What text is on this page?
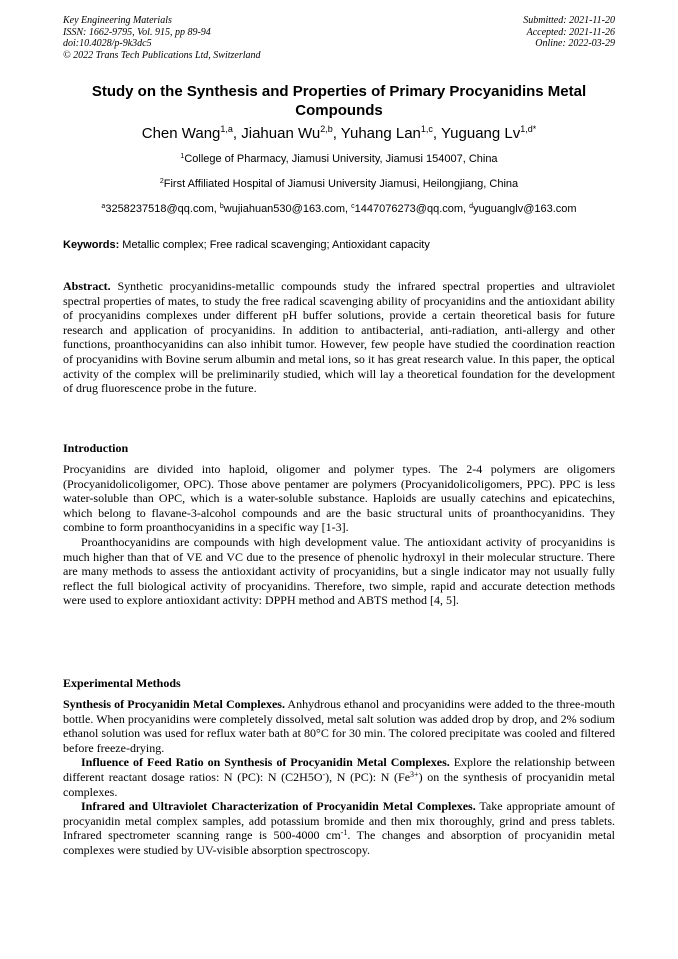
Key Engineering Materials
ISSN: 1662-9795, Vol. 915, pp 89-94
doi:10.4028/p-9k3dc5
© 2022 Trans Tech Publications Ltd, Switzerland
Submitted: 2021-11-20
Accepted: 2021-11-26
Online: 2022-03-29
Study on the Synthesis and Properties of Primary Procyanidins Metal Compounds
Chen Wang$^{1,a}$, Jiahuan Wu$^{2,b}$, Yuhang Lan$^{1,c}$, Yuguang $Lv^{1,d*}$
$^1$College of Pharmacy, Jiamusi University, Jiamusi 154007, China
$^2$First Affiliated Hospital of Jiamusi University Jiamusi, Heilongjiang, China
$^a$3258237518@qq.com, $^b$wujiahuan530@163.com, $^c$1447076273@qq.com, $^d$yuguanglv@163.com
Keywords: Metallic complex; Free radical scavenging; Antioxidant capacity

Abstract. Synthetic procyanidins-metallic compounds study the infrared spectral properties and ultraviolet spectral properties of mates, to study the free radical scavenging ability of procyanidins and the antioxidant ability of procyanidins complexes under different pH buffer solutions, provide a certain theoretical basis for future research and application of procyanidins. In addition to antibacterial, anti-radiation, anti-allergy and other functions, proanthocyanidins can also inhibit tumor. However, few people have studied the coordination reaction of procyanidins with Bovine serum albumin and metal ions, so it has great research value. In this paper, the optical activity of the complex will be preliminarily studied, which will lay a theoretical foundation for the development of drug fluorescence probe in the future.

Introduction

Procyanidins are divided into haploid, oligomer and polymer types. The 2-4 polymers are oligomers (Procyanidolicoligomer, OPC). Those above pentamer are polymers (Procyanidolicoligomers, PPC). PPC is less water-soluble than OPC, which is a water-soluble substance. Haploids are usually catechins and epicatechins, which belong to flavane-3-alcohol compounds and are the basic structural units of proanthocyanidins. They combine to form proanthocyanidins in a specific way [1-3].

Proanthocyanidins are compounds with high development value. The antioxidant activity of procyanidins is much higher than that of VE and VC due to the presence of phenolic hydroxyl in their molecular structure. There are many methods to assess the antioxidant activity of procyanidins, but a single indicator may not usually fully reflect the full biological activity of procyanidins. Therefore, two simple, rapid and accurate detection methods were used to explore antioxidant activity: DPPH method and ABTS method [4, 5].

Experimental Methods

Synthesis of Procyanidin Metal Complexes. Anhydrous ethanol and procyanidins were added to the three-mouth bottle. When procyanidins were completely dissolved, metal salt solution was added drop by drop, and 2% sodium ethanol solution was used for reflux water bath at 80°C for 30 min. The colored precipitate was cooled and filtered before freeze-drying.

Influence of Feed Ratio on Synthesis of Procyanidin Metal Complexes. Explore the relationship between different reactant dosage ratios: N (PC): N (C2H5O-), N (PC): N $(Fe^{3+})$ on the synthesis of procyanidin metal complexes.

Infrared and Ultraviolet Characterization of Procyanidin Metal Complexes. Take appropriate amount of procyanidin metal complex samples, add potassium bromide and then mix thoroughly, grind and press tablets. Infrared spectrometer scanning range is 500-4000 $cm^{-1}$. The changes and absorption of procyanidin metal complexes were studied by UV-visible absorption spectroscopy.
